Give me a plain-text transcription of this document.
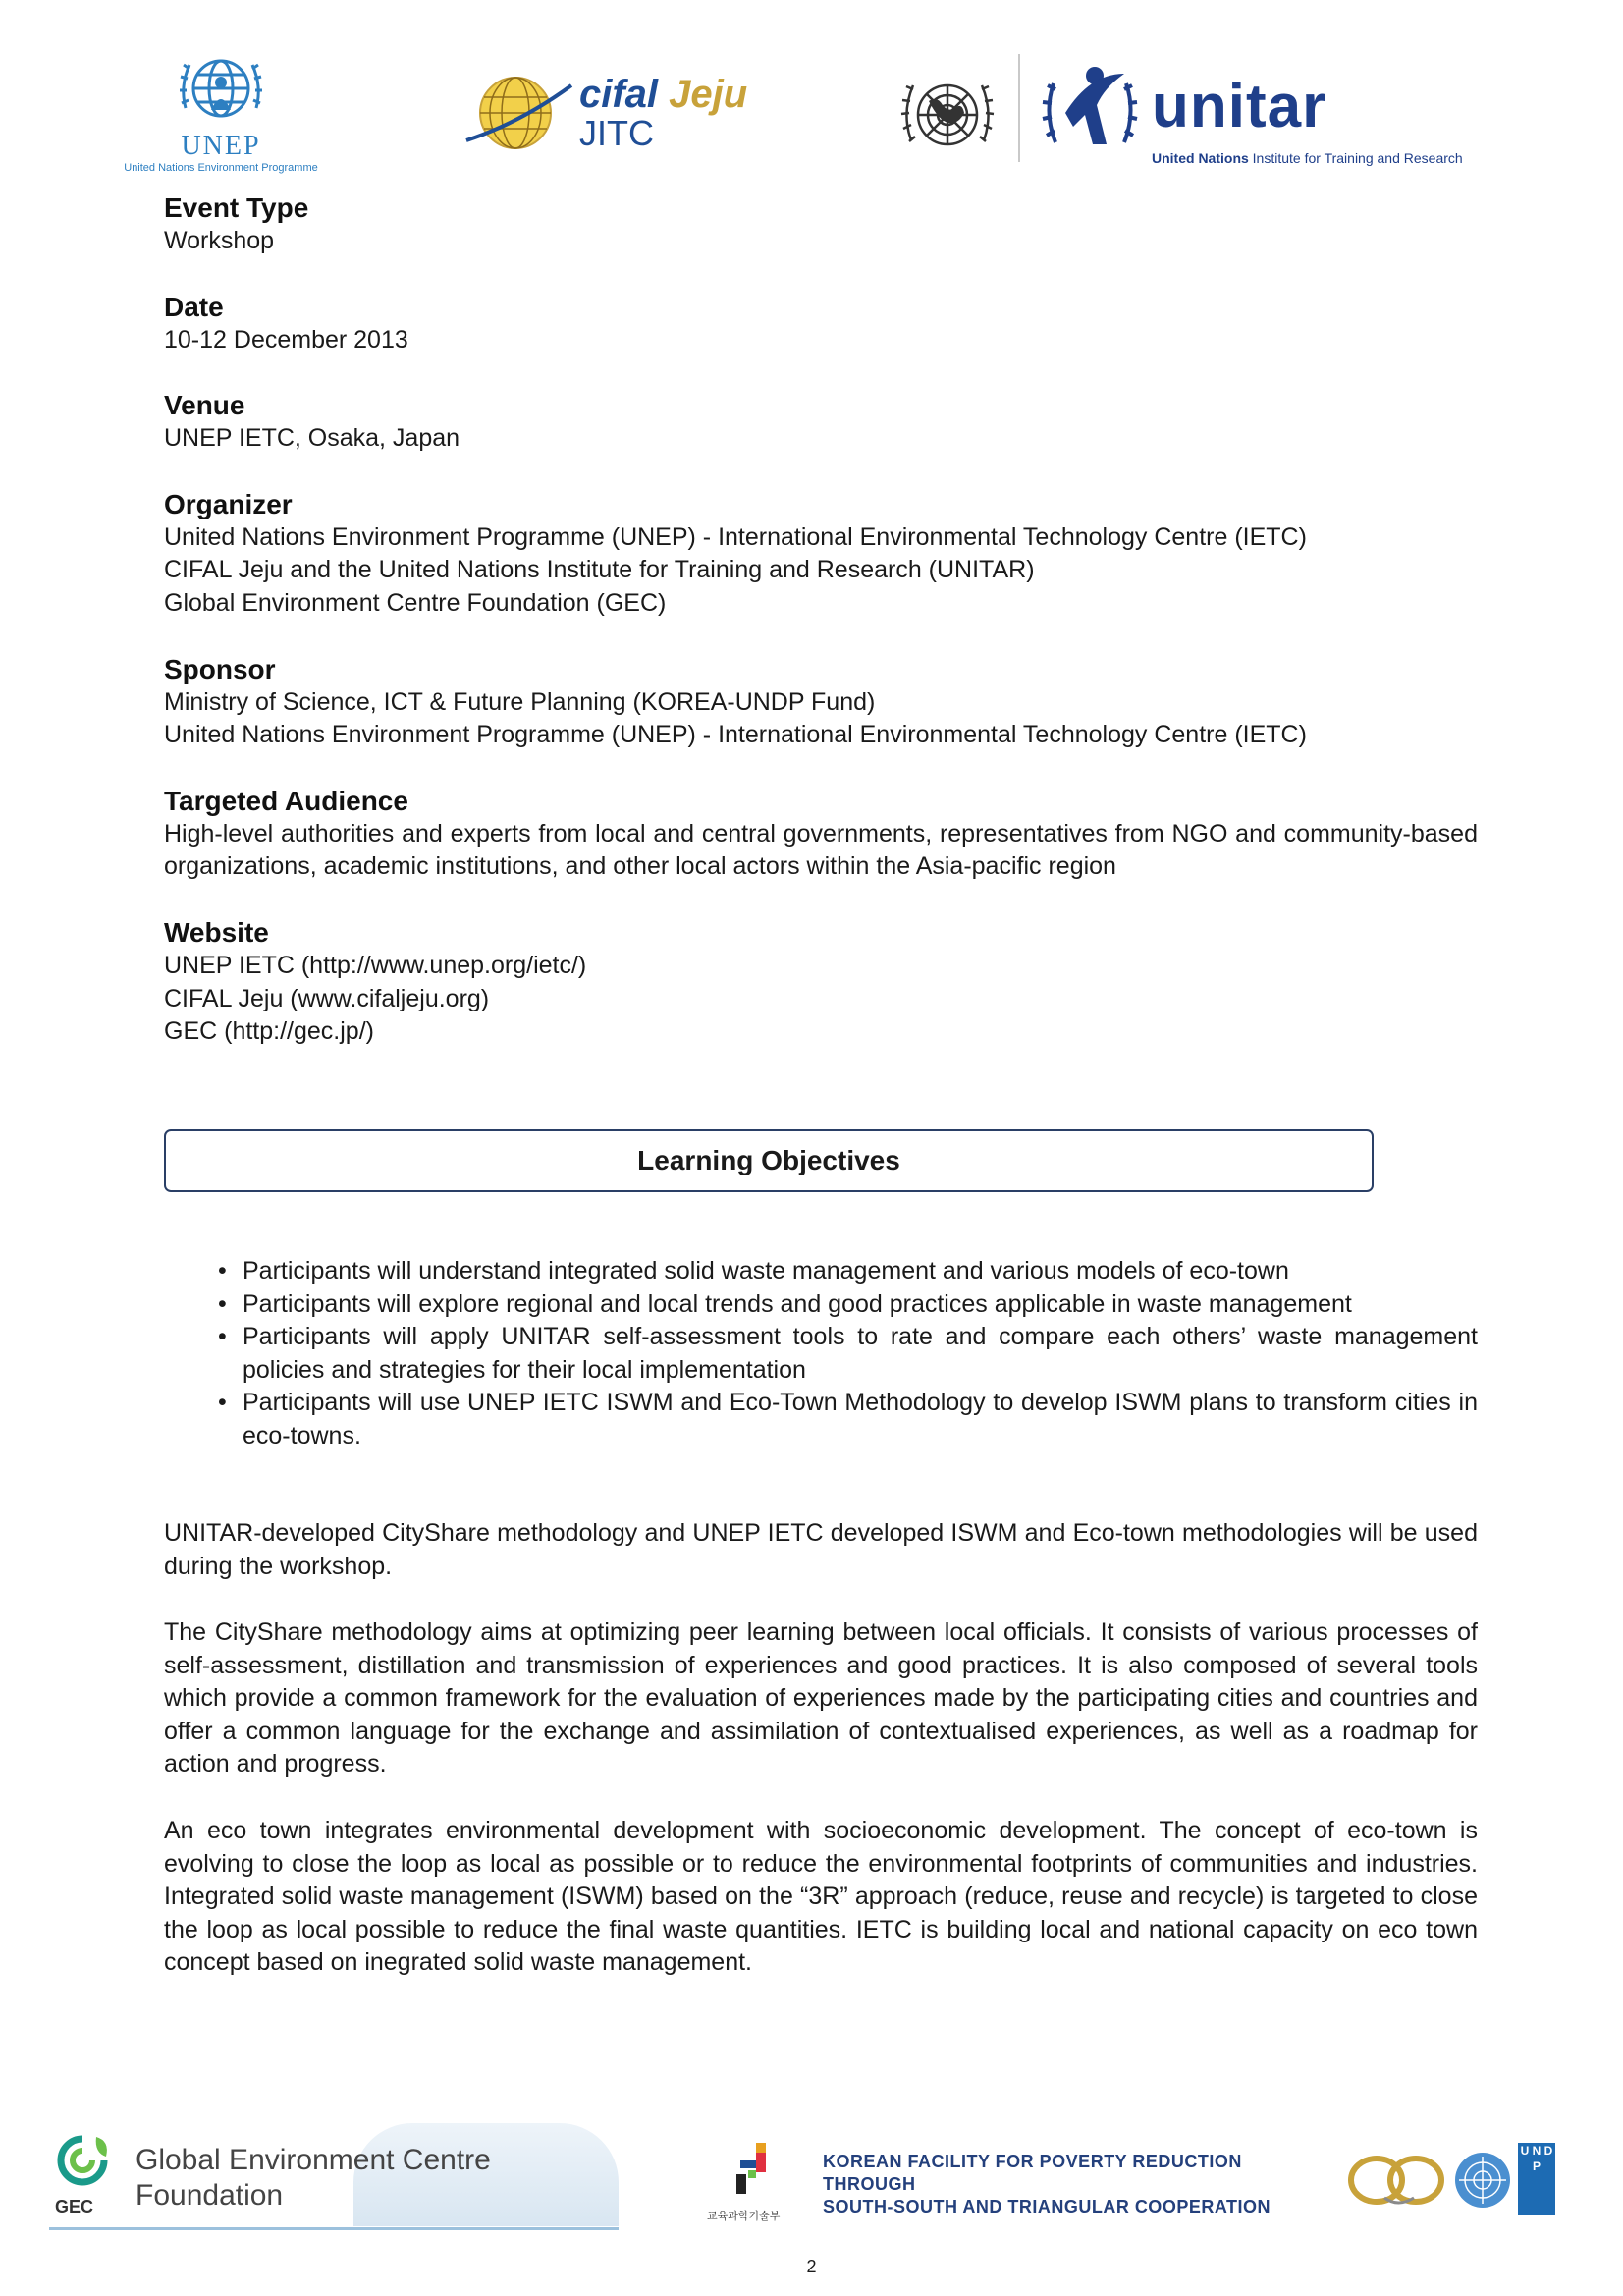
UNEP
United Nations Environment Programme
cifal Jeju
JITC	unitar
United Nations Institute for Training and Research
Event Type
Workshop
Date
10-12 December 2013
Venue
UNEP IETC, Osaka, Japan
Organizer
United Nations Environment Programme (UNEP) - International Environmental Technology Centre (IETC)
CIFAL Jeju and the United Nations Institute for Training and Research (UNITAR)
Global Environment Centre Foundation (GEC)
Sponsor
Ministry of Science, ICT & Future Planning (KOREA-UNDP Fund)
United Nations Environment Programme (UNEP) - International Environmental Technology Centre (IETC)
Targeted Audience
High-level authorities and experts from local and central governments, representatives from NGO and community-based organizations, academic institutions, and other local actors within the Asia-pacific region
Website
UNEP IETC (http://www.unep.org/ietc/)
CIFAL Jeju (www.cifaljeju.org)
GEC (http://gec.jp/)
Learning Objectives
• Participants will understand integrated solid waste management and various models of eco-town
• Participants will explore regional and local trends and good practices applicable in waste management
• Participants will apply UNITAR self-assessment tools to rate and compare each others’ waste management policies and strategies for their local implementation
• Participants will use UNEP IETC ISWM and Eco-Town Methodology to develop ISWM plans to transform cities in eco-towns.
UNITAR-developed CityShare methodology and UNEP IETC developed ISWM and Eco-town methodologies will be used during the workshop.
The CityShare methodology aims at optimizing peer learning between local officials. It consists of various processes of self-assessment, distillation and transmission of experiences and good practices. It is also composed of several tools which provide a common framework for the evaluation of experiences made by the participating cities and countries and offer a common language for the exchange and assimilation of contextualised experiences, as well as a roadmap for action and progress.
An eco town integrates environmental development with socioeconomic development. The concept of eco-town is evolving to close the loop as local as possible or to reduce the environmental footprints of communities and industries. Integrated solid waste management (ISWM) based on the “3R” approach (reduce, reuse and recycle) is targeted to close the loop as local possible to reduce the final waste quantities. IETC is building local and national capacity on eco town concept based on inegrated solid waste management.
GEC
Global Environment Centre
Foundation
교육과학기술부
KOREAN FACILITY FOR POVERTY REDUCTION THROUGH
SOUTH-SOUTH AND TRIANGULAR COOPERATION
U N D P
2
